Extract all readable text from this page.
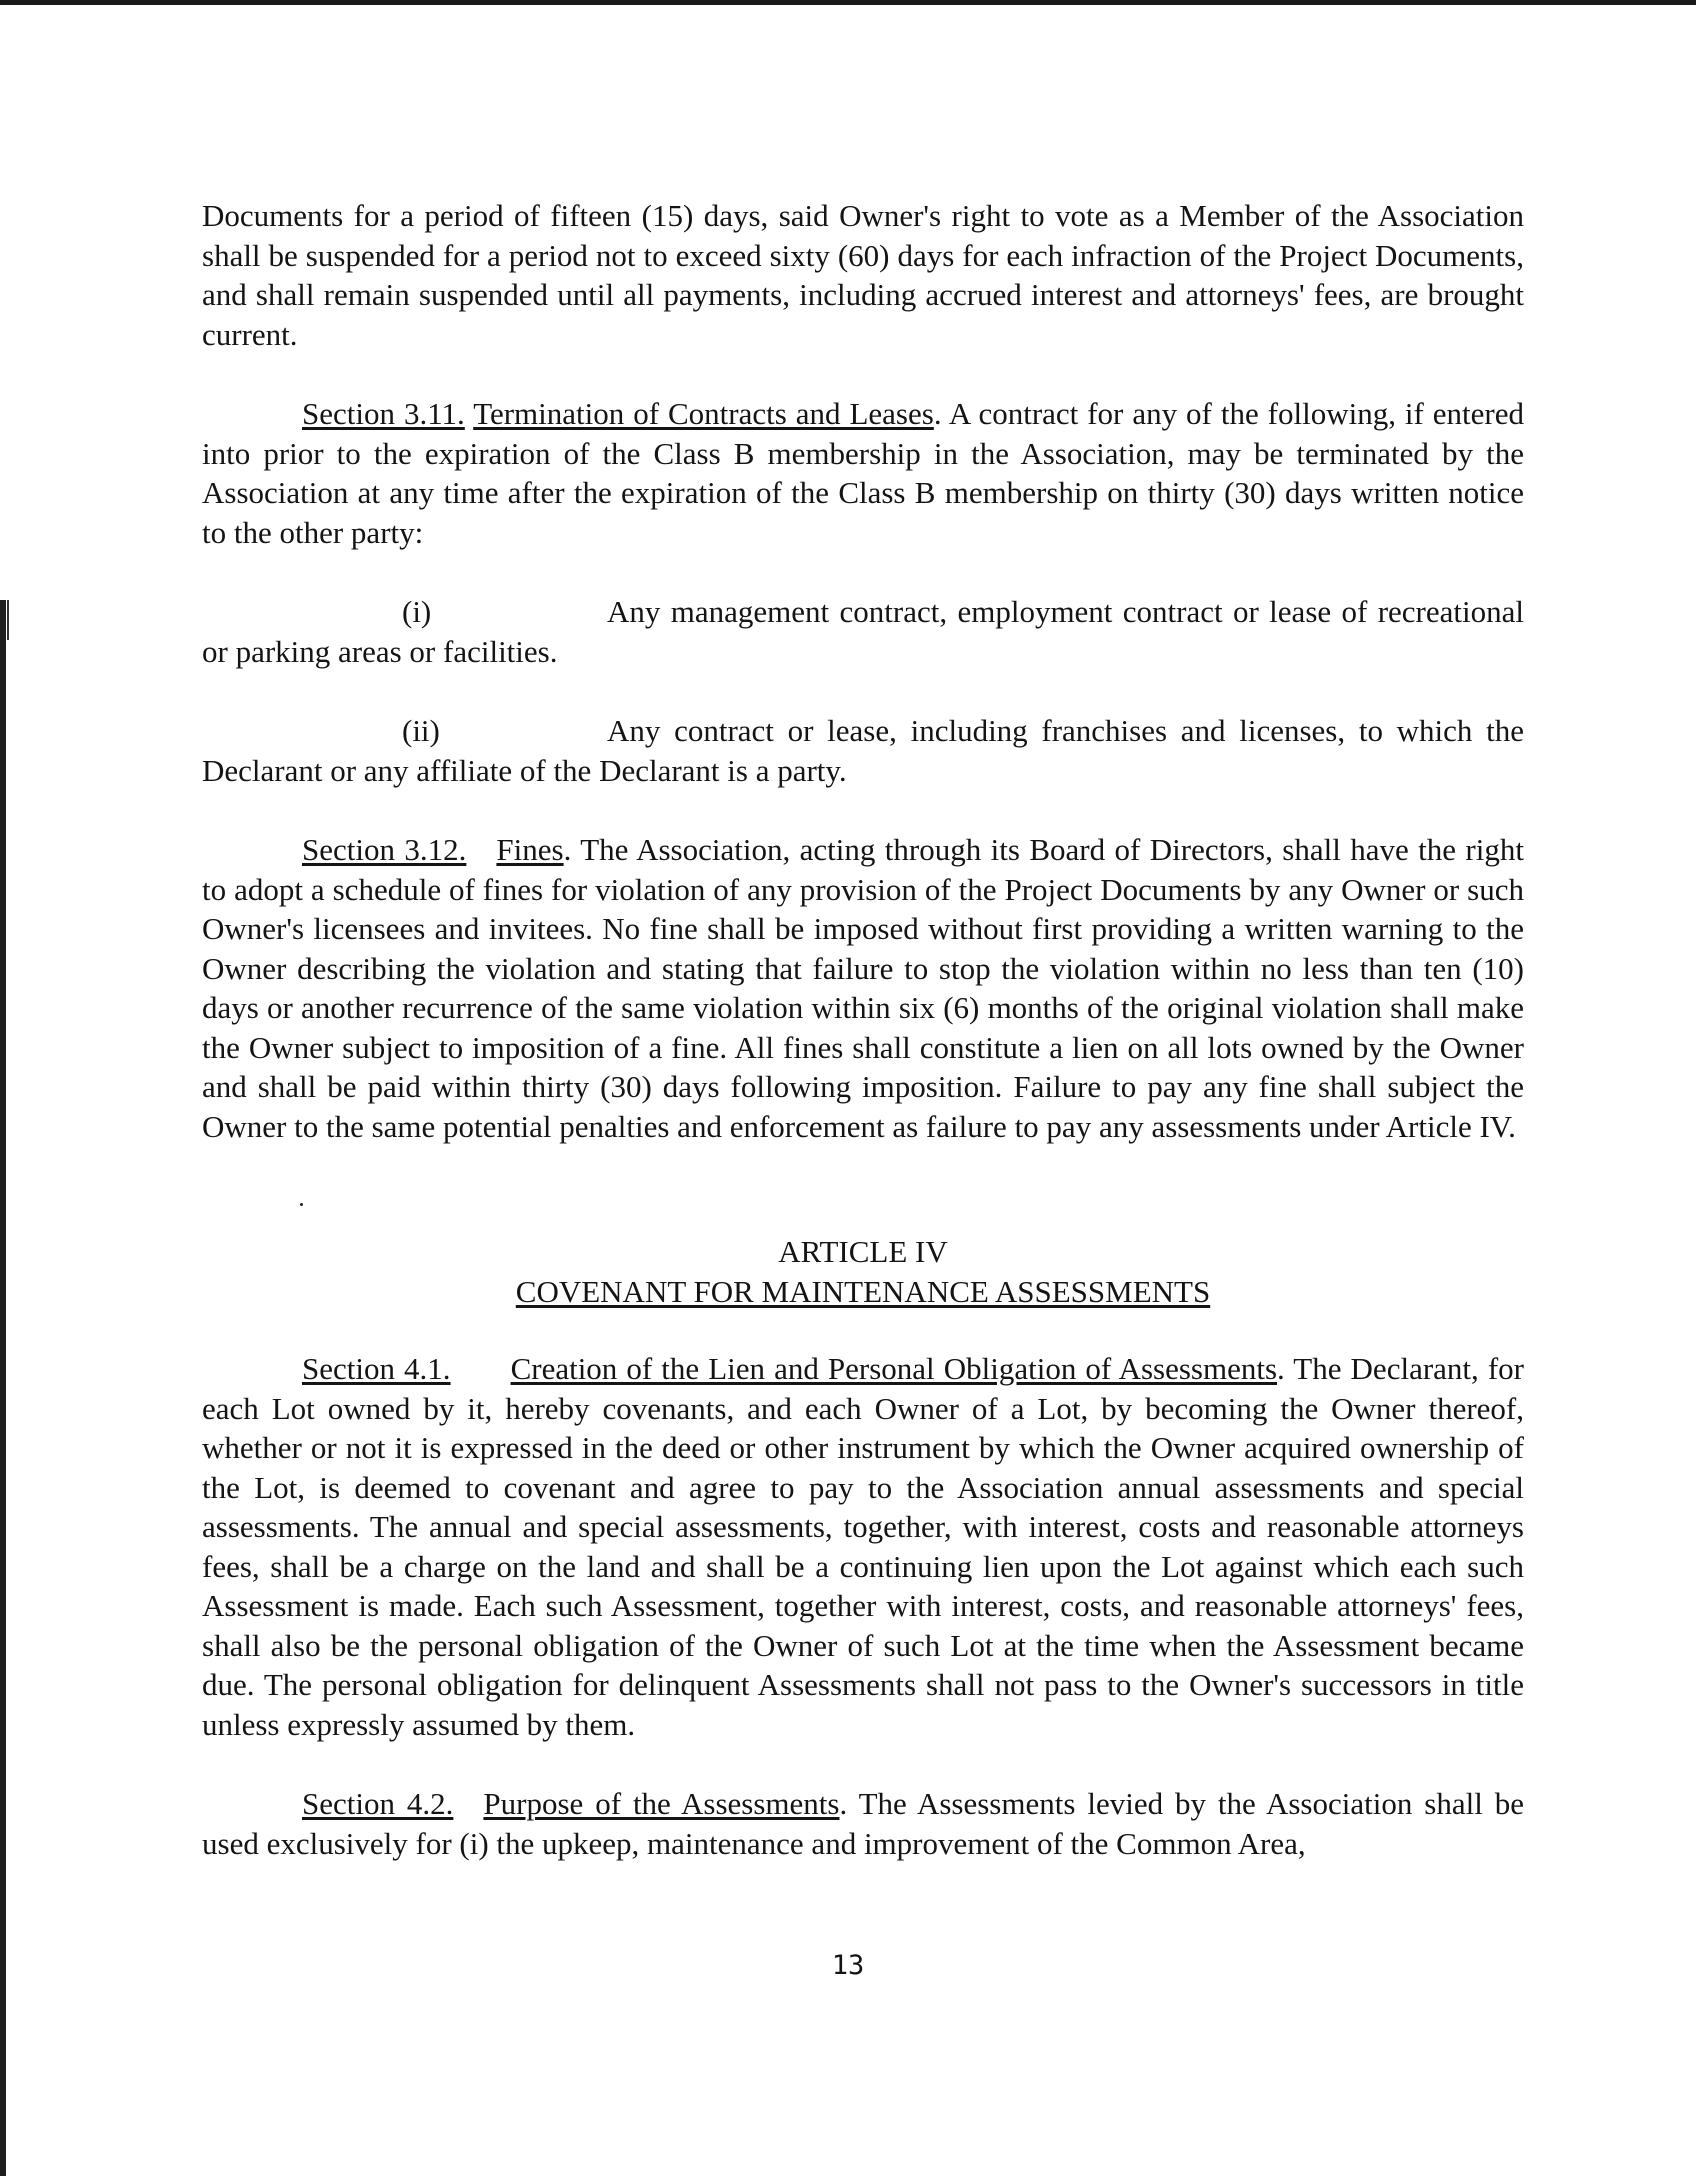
Documents for a period of fifteen (15) days, said Owner's right to vote as a Member of the Association shall be suspended for a period not to exceed sixty (60) days for each infraction of the Project Documents, and shall remain suspended until all payments, including accrued interest and attorneys' fees, are brought current.

Section 3.11. Termination of Contracts and Leases. A contract for any of the following, if entered into prior to the expiration of the Class B membership in the Association, may be terminated by the Association at any time after the expiration of the Class B membership on thirty (30) days written notice to the other party:

(i)	Any management contract, employment contract or lease of recreational or parking areas or facilities.

(ii)	Any contract or lease, including franchises and licenses, to which the Declarant or any affiliate of the Declarant is a party.

Section 3.12. Fines. The Association, acting through its Board of Directors, shall have the right to adopt a schedule of fines for violation of any provision of the Project Documents by any Owner or such Owner's licensees and invitees. No fine shall be imposed without first providing a written warning to the Owner describing the violation and stating that failure to stop the violation within no less than ten (10) days or another recurrence of the same violation within six (6) months of the original violation shall make the Owner subject to imposition of a fine. All fines shall constitute a lien on all lots owned by the Owner and shall be paid within thirty (30) days following imposition. Failure to pay any fine shall subject the Owner to the same potential penalties and enforcement as failure to pay any assessments under Article IV.

ARTICLE IV

COVENANT FOR MAINTENANCE ASSESSMENTS

Section 4.1. Creation of the Lien and Personal Obligation of Assessments. The Declarant, for each Lot owned by it, hereby covenants, and each Owner of a Lot, by becoming the Owner thereof, whether or not it is expressed in the deed or other instrument by which the Owner acquired ownership of the Lot, is deemed to covenant and agree to pay to the Association annual assessments and special assessments. The annual and special assessments, together, with interest, costs and reasonable attorneys fees, shall be a charge on the land and shall be a continuing lien upon the Lot against which each such Assessment is made. Each such Assessment, together with interest, costs, and reasonable attorneys' fees, shall also be the personal obligation of the Owner of such Lot at the time when the Assessment became due. The personal obligation for delinquent Assessments shall not pass to the Owner's successors in title unless expressly assumed by them.

Section 4.2. Purpose of the Assessments. The Assessments levied by the Association shall be used exclusively for (i) the upkeep, maintenance and improvement of the Common Area,

13
